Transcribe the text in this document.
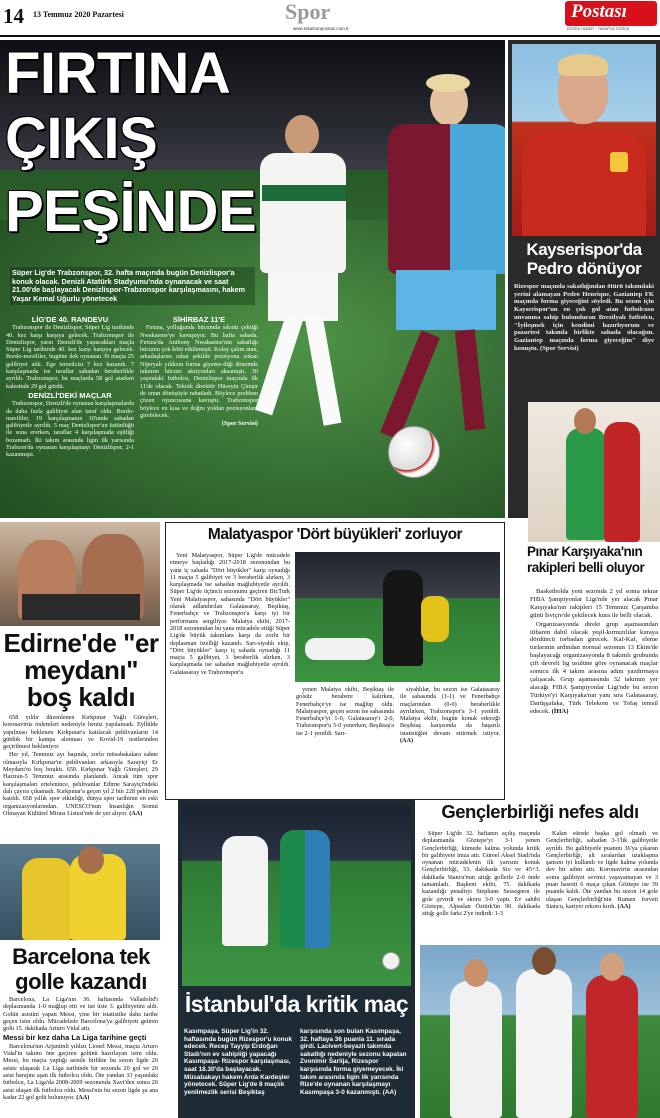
14 13 Temmuz 2020 Pazartesi	Spor
www.tokatsonpostasi.com.tr
Postası
DOĞRU HABER ~ TARAFSIZ GÖRÜŞ
FIRTINA
ÇIKIŞ
PEŞİNDE
Süper Lig'de Trabzonspor, 32. hafta maçında bugün Denizlispor'a konuk olacak. Denizli Atatürk Stadyumu'nda oynanacak ve saat 21.00'de başlayacak Denizlispor-Trabzonspor karşılaşmasını, hakem Yaşar Kemal Uğurlu yönetecek
LİG'DE 40. RANDEVU

Trabzonspor ile Denizlispor, Süper Lig tarihinde 40. kez karşı karşıya gelecek. Trabzonspor ile Denizlispor, yarın Denizli'de yapacakları maçla Süper Lig tarihinde 40. kez karşı karşıya gelecek. Bordo-mavililer, bugüne dek oynanan 39 maçta 25 galibiyet aldı. Ege temsilcisi 7 kez kazandı. 7 karşılaşmada ise taraflar sahadan beraberlikle ayrıldı. Trabzonspor, bu maçlarda 58 gol atarken kalesinde 29 gol gördü.

DENİZLİ'DEKİ MAÇLAR

Trabzonspor, Denizli'de oynanan karşılaşmalarda da daha fazla galibiyet alan taraf oldu. Bordo-mavililer, 19 karşılaşmanın 10'unda sahadan galibiyetle ayrıldı. 5 maç Denizlispor'un üstünlüğü ile sona ererken, taraflar 4 karşılaşmada eşitliği bozamadı. İki takım arasında ligin ilk yarısında Trabzon'da oynanan karşılaşmayı Denizlispor, 2-1 kazanmıştı.

SİHİRBAZ 11'E

Fırtına, yolluğunda hücumda sıkıntı çektiği Nwakaeme'ye kavuşuyor. Bu hafta sahada. Fırtına'da Anthony Nwakaeme'nin sakatlığı hücumu çok kötü etkilemişti. Kolay çalım atan, arkadaşlarını rahat şekilde pozisyona sokan Nijeryalı yıldızın forma giyeme-diği dönemde takımın hücum aksiyonları aksamıştı. 30 yaşındaki futbolcu, Denizlispor maçında ilk 11'de olacak. Teknik direktör Hüseyin Çimşir de onun dönüşüyle rahatladı. Böylece problem çözen oyuncusuna kavuştu. Trabzonspor böylece en kısa ve doğru yoldan pozisyonlara girebilecek.

(Spor Servisi)
Kayserispor'da Pedro dönüyor
Rizespor maçında sakatlığından ötürü takımdaki yerini alamayan Pedro Henrique, Gaziantep FK maçında forma giyeceğini söyledi. Bu sezon için Kayserispor'un en çok gol atan futbolcusu unvanına sahip bulunduran Brezilyalı futbolcu, "İyileşmek için kendimi hazırlıyorum ve pazartesi takımla birlikte sahada olacağım. Gaziantep maçında forma giyeceğim" diye konuştu. (Spor Servisi)
Edirne'de "er meydanı" boş kaldı

658 yıldır düzenlenen Kırkpınar Yağlı Güreşleri, koronavirüs önlemleri nedeniyle henüz yapılamadı. Eyllülde yapılması beklenen Kırkpınar'a katılacak pehlivanların 14 günlük bir kampa alınması ve Kovid-19 testlerinden geçirilmesi bekleniyor.

Her yıl, Temmuz ayı başında, zorlu müsabakalara sahne olmasıyla Kırkpınar'ın pehlivanları arkasıyla Sarayiçi Er Meydanı'nı boş bıraktı. 659. Kırkpınar Yağlı Güreşleri, 29 Haziran-5 Temmuz arasında planlandı. Ancak tüm spor karşılaşmaları ertelenince, pehlivanlar Edirne Sarayiçi'ndeki dalı çayıra çıkamadı. Kırkpınar'a geçen yıl 2 bin 228 pehlivan katıldı. 658 yıllık spor etkinliği, dünya spor tarihinin en eski organizasyonlarından. UNESCO'nun İnsanlığın Somut Olmayan Kültürel Mirası Listesi'nde de yer alıyor. (AA)

Malatyaspor 'Dört büyükleri' zorluyor

Yeni Malatyaspor, Süper Lig'de mücadele etmeye başladığı 2017-2018 sezonundan bu yana iç sahada "Dört büyükler" karşı oynadığı 11 maçta 5 galibiyet ve 3 beraberlik alırken, 3 karşılaşmada ise sahadan mağlubiyetle ayrıldı. Süper Lig'de üçüncü sezonunu geçiren BtcTurk Yeni Malatyaspor, sahasında "Dört büyükler" olarak adlandırılan Galatasaray, Beşiktaş, Fenerbahçe ve Trabzonspor'a karşı iyi bir performans sergiliyor. Malatya ekibi, 2017-2018 sezonundan bu yana mücadele ettiği Süper Lig'de büyük takımlara karşı da zorlu bir deplasman özelliği kazandı. Sarı-siyahlı ekip, "Dört büyükler" karşı iç sahada oynadığı 11 maçta 5 galibiyet, 3 beraberlik alırken, 3 karşılaşmada ise sahadan mağlubiyetle ayrıldı. Galatasaray ve Trabzonspor'u

yenen Malatya ekibi, Beşiktaş ile golsüz berabere kalırken, Fenerbahçe'ye ise mağlup oldu. Malatyaspor, geçen sezon ise sahasında Fenerbahçe'yi 1-0, Galatasaray'ı 2-0, Trabzonspor'u 5-0 yenerken, Beşiktaş'a ise 2-1 yenildi. Sarı-

siyahlılar, bu sezon ise Galatasaray ile sahasında (1-1) ve Fenerbahçe maçlarından (0-0) beraberlikle ayrılırken, Trabzonspor'a 3-1 yenildi. Malatya ekibi, bugün konuk edeceği Beşiktaş karşısında da başarılı istatistiğini devam ettirmek istiyor. (AA)

Pınar Karşıyaka'nın rakipleri belli oluyor

Basketbolda yeni sezonda 2 yıl sonra tekrar FIBA Şampiyonlar Ligi'nde yer alacak Pınar Karşıyaka'nın rakipleri 15 Temmuz Çarşamba günü İsviçre'de çekilecek kura ile belli olacak.

Organizasyonda direkt grup aşamasından itibaren dahil olacak yeşil-kırmızılılar kuraya dördüncü torbadan girecek. Kaf-Kaf, eleme turlarının ardından normal sezonun 13 Ekim'de başlayacağı organizasyonda 8 takımlı grubunda çift devreli lig usulüne göre oynanacak maçlar sonucu ilk 4 takım arasına adını yazdırmaya çalışacak. Grup aşamasında 32 takımın yer alacağı FIBA Şampiyonlar Ligi'nde bu sezon Türkiye'yi Karşıyaka'nın yanı sıra Galatasaray, Darüşşafaka, Türk Telekom ve Tofaş temsil edecek. (İHA)

İstanbul'da kritik maç
Kasımpaşa, Süper Lig'in 32. haftasında bugün Rizespor'u konuk edecek. Recep Tayyip Erdoğan Stadı'nın ev sahipliği yapacağı Kasımpaşa- Rizespor karşılaşması, saat 18.30'da başlayacak. Müsabakayı hakem Arda Kardeşler yönetecek. Süper Lig'de 8 maçlık yenilmezlik serisi Beşiktaş
karşısında son bulan Kasımpaşa, 32. haftaya 36 puanla 11. sırada girdi. Lacivert-beyazlı takımda sakatlığı nedeniyle sezonu kapatan Zvonimir Šarlija, Rizespor karşısında forma giyemeyecek. İki takım arasında ligin ilk yarısında Rize'de oynanan karşılaşmayı Kasımpaşa 3-0 kazanmıştı. (AA)
Barcelona tek golle kazandı

Barcelona, La Liga'nın 36. haftasında Valladolid'i deplasmanda 1-0 mağlup etti ve üst üste 3. galibiyetini aldı. Golün asistini yapan Messi, yine bir istatistike daha tarihe geçen isim oldu. Mücadelede Barcelona'ya galibiyeti getiren golü 15. dakikada Arturo Vidal attı.

Messi bir kez daha La Liga tarihine geçti

Barcelona'nın Arjantinli yıldızı Lionel Messi, maçta Arturo Vidal'in takımı öne geçiren golünü hazırlayan isim oldu. Messi, bu maçta yaptığı asistle birlikte bu sezon ligde 20 asiste ulaşarak La Liga tarihinde bir sezonda 20 gol ve 20 asist barajını aşan ilk futbolcu oldu. Öte yandan 33 yaşındaki futbolcu, La Liga'da 2008-2009 sezonunda Xavi'den sonra 20 asist ulaşan ilk futbolcu oldu. Messi'nin bu sezon ligde şu ana kadar 22 gol golü bulunuyor. (AA)

Gençlerbirliği nefes aldı

Süper Lig'de 32. haftanın açılış maçında deplasmanda Göztepe'yi 3-1 yenen Gençlerbirliği, kümede kalma yolunda kritik bir galibiyete imza attı. Güreel Aksel Stadı'nda oynanan mücadelenin ilk yarısını konuk Gençlerbirliği, 33. dakikada Sio ve 45+3. dakikada Stancu'nun attığı gollerle 2-0 önde tamamladı. Başkent ekibi, 75. dakikada kazandığı penaltıyı Stephane Sessegnon ile gole çevirdi ve skoru 3-0 yaptı. Ev sahibi Göztepe, Alpaslan Öztürk'ün 90. dakikada attığı golle farkı 2'ye indirdi: 1-3

Kalan sürede başka gol olmadı ve Gençlerbirliği, sahadan 3-1'lik galibiyetle ayrıldı. Bu galibiyetle puanını 36'ya çıkaran Gençlerbirliği, alt sıralardan uzaklaşma şansını iyi kullandı ve ligde kalma yolunda dev bir adım attı. Koronavirüs arasından sonra galibiyet sevinci yaşayamayan ve 3 puan hasreti 6 maça çıkan Göztepe ise 39 puanda kaldı. Öte yandan bu sezon 14 gole ulaşan Gençlerbirliği'nin Rumen forveti Stancu, kariyer rekoru kırdı. (AA)
